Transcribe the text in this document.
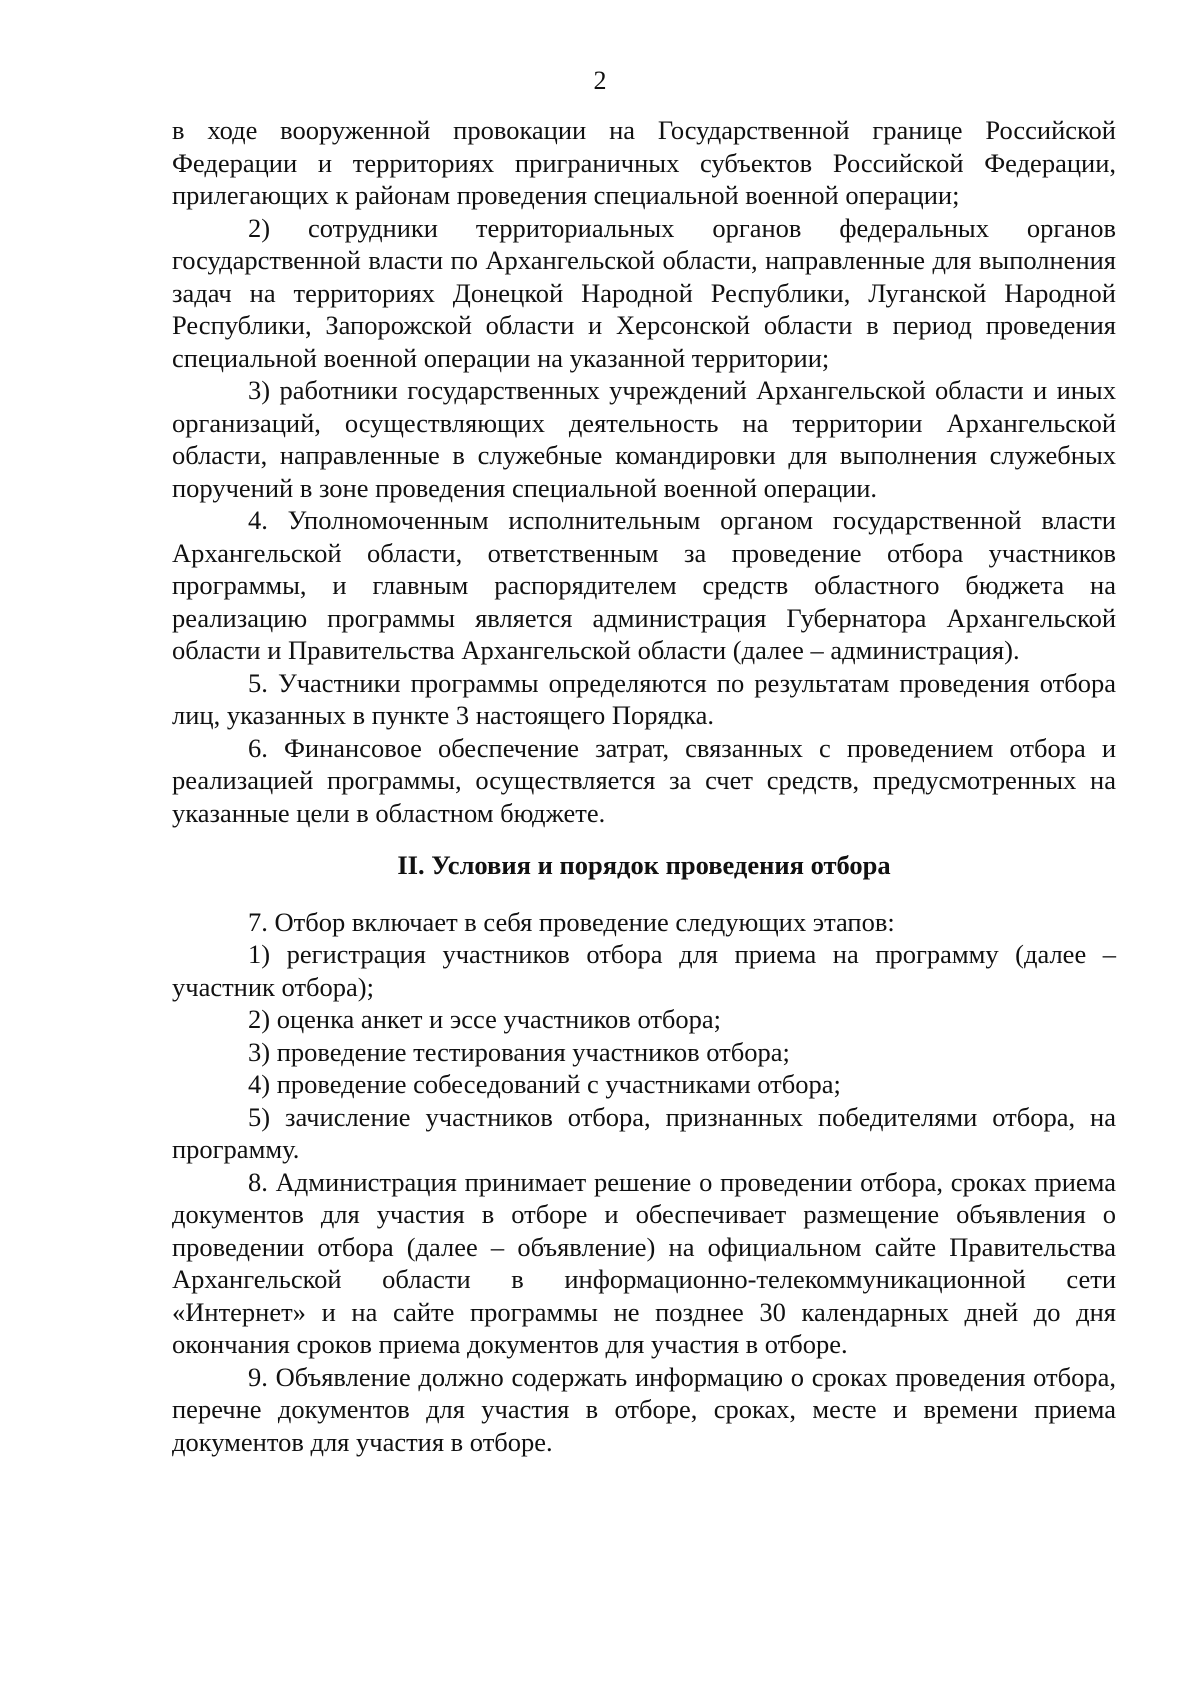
2

в ходе вооруженной провокации на Государственной границе Российской Федерации и территориях приграничных субъектов Российской Федерации, прилегающих к районам проведения специальной военной операции;

2) сотрудники территориальных органов федеральных органов государственной власти по Архангельской области, направленные для выполнения задач на территориях Донецкой Народной Республики, Луганской Народной Республики, Запорожской области и Херсонской области в период проведения специальной военной операции на указанной территории;

3) работники государственных учреждений Архангельской области и иных организаций, осуществляющих деятельность на территории Архангельской области, направленные в служебные командировки для выполнения служебных поручений в зоне проведения специальной военной операции.

4. Уполномоченным исполнительным органом государственной власти Архангельской области, ответственным за проведение отбора участников программы, и главным распорядителем средств областного бюджета на реализацию программы является администрация Губернатора Архангельской области и Правительства Архангельской области (далее – администрация).

5. Участники программы определяются по результатам проведения отбора лиц, указанных в пункте 3 настоящего Порядка.

6. Финансовое обеспечение затрат, связанных с проведением отбора и реализацией программы, осуществляется за счет средств, предусмотренных на указанные цели в областном бюджете.

II. Условия и порядок проведения отбора

7. Отбор включает в себя проведение следующих этапов:

1) регистрация участников отбора для приема на программу (далее – участник отбора);

2) оценка анкет и эссе участников отбора;

3) проведение тестирования участников отбора;

4) проведение собеседований с участниками отбора;

5) зачисление участников отбора, признанных победителями отбора, на программу.

8. Администрация принимает решение о проведении отбора, сроках приема документов для участия в отборе и обеспечивает размещение объявления о проведении отбора (далее – объявление) на официальном сайте Правительства Архангельской области в информационно-телекоммуникационной сети «Интернет» и на сайте программы не позднее 30 календарных дней до дня окончания сроков приема документов для участия в отборе.

9. Объявление должно содержать информацию о сроках проведения отбора, перечне документов для участия в отборе, сроках, месте и времени приема документов для участия в отборе.
